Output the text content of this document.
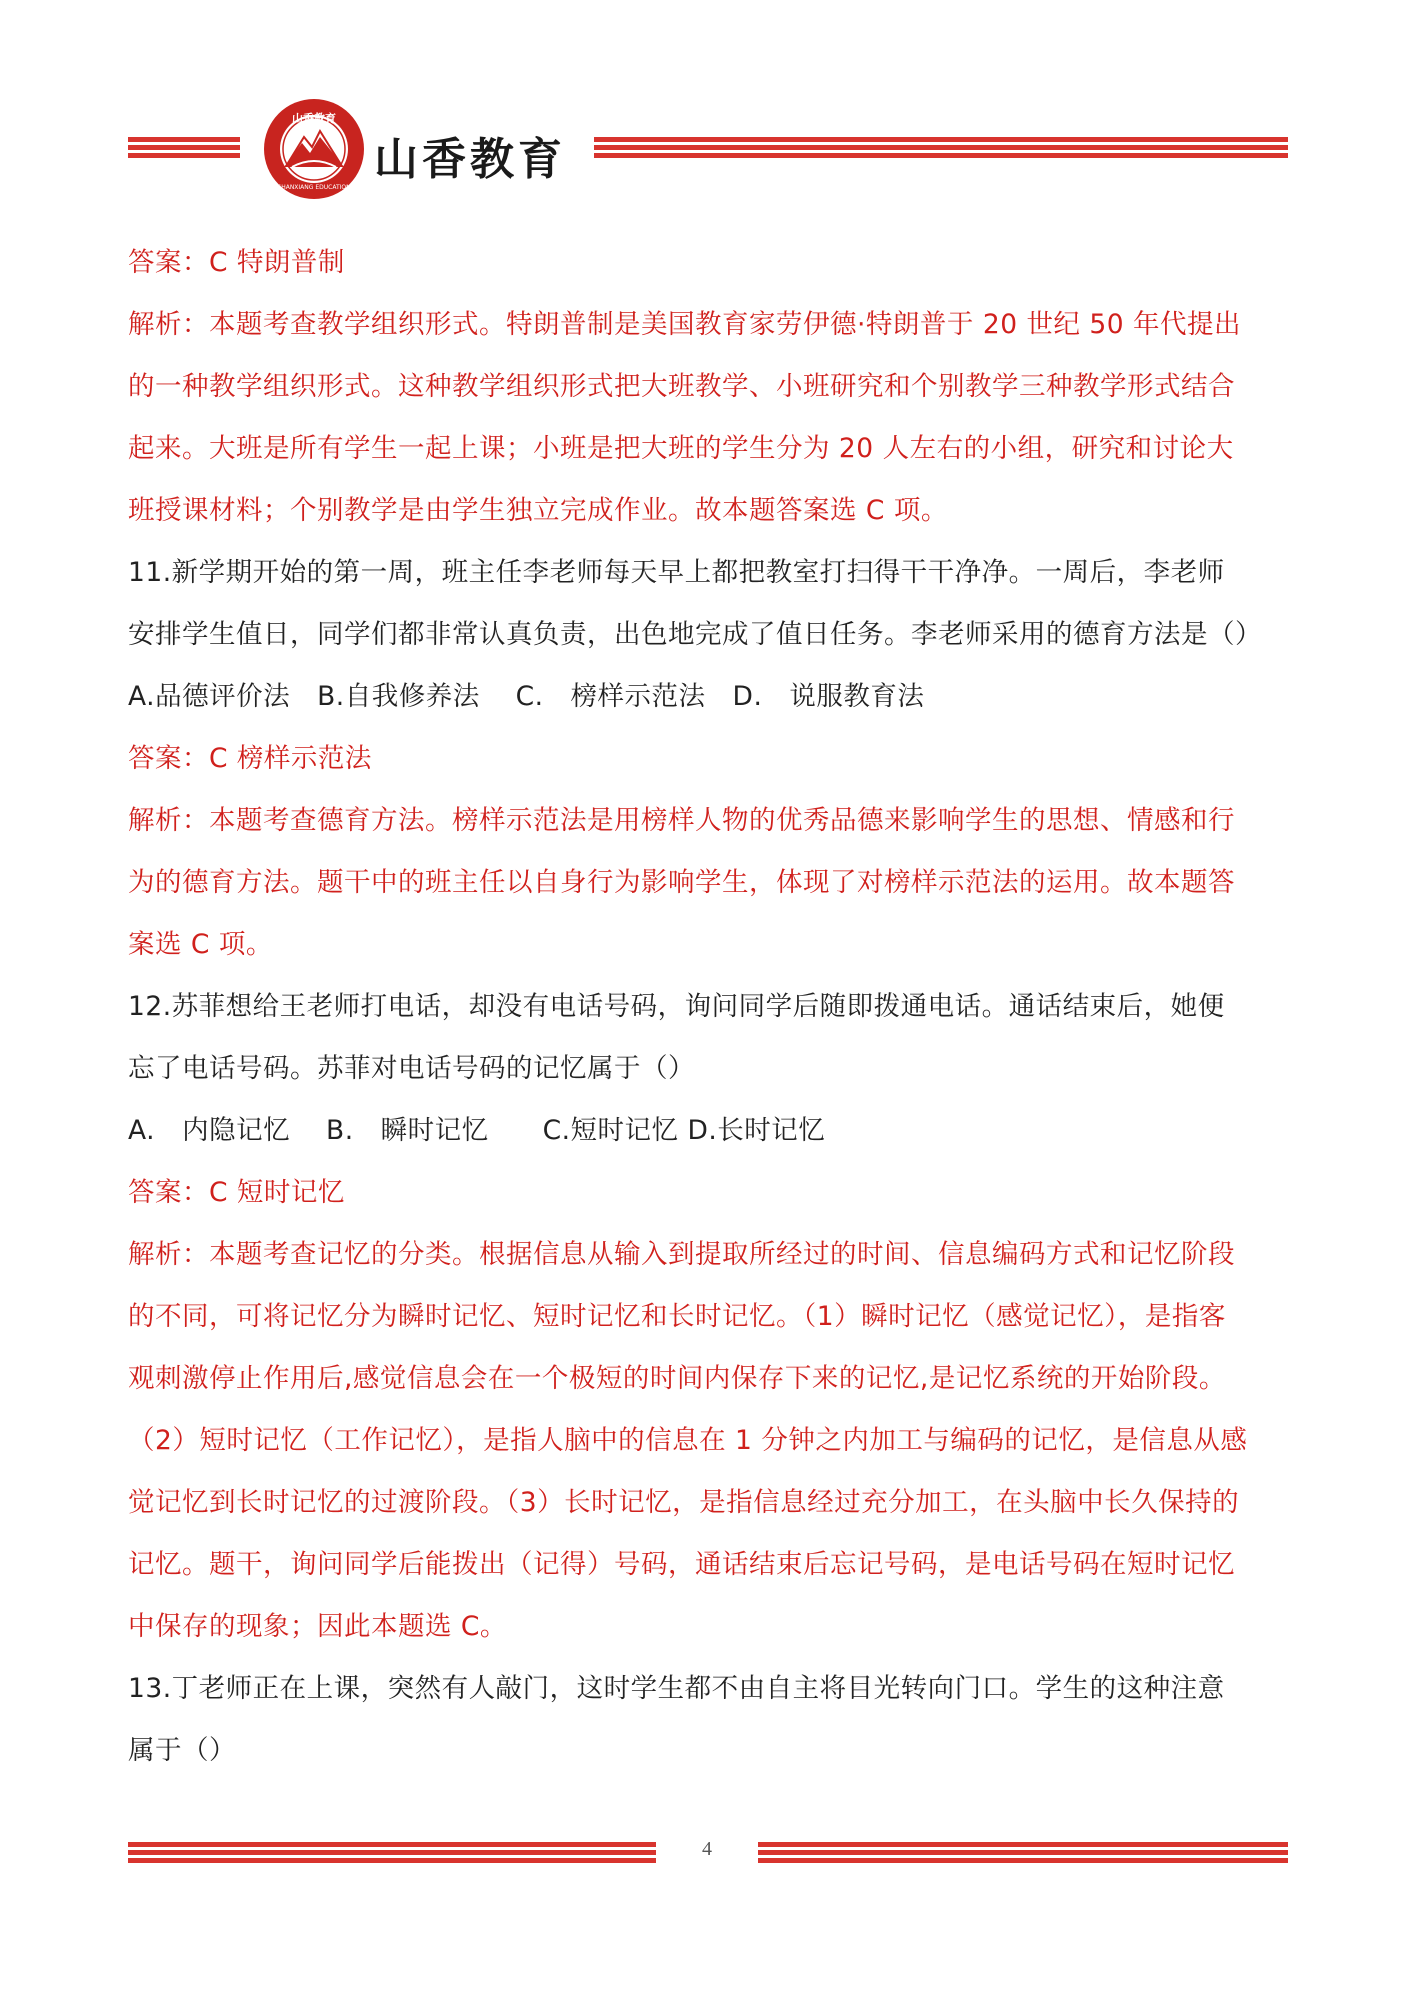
山香教育
SHANXIANG EDUCATION
山香教育
答案：C 特朗普制
解析：本题考查教学组织形式。特朗普制是美国教育家劳伊德·特朗普于 20 世纪 50 年代提出
的一种教学组织形式。这种教学组织形式把大班教学、小班研究和个别教学三种教学形式结合
起来。大班是所有学生一起上课；小班是把大班的学生分为 20 人左右的小组，研究和讨论大
班授课材料；个别教学是由学生独立完成作业。故本题答案选 C 项。
11.新学期开始的第一周，班主任李老师每天早上都把教室打扫得干干净净。一周后，李老师
安排学生值日，同学们都非常认真负责，出色地完成了值日任务。李老师采用的德育方法是（）
A.品德评价法　B.自我修养法　 C.　榜样示范法　D.　说服教育法
答案：C 榜样示范法
解析：本题考查德育方法。榜样示范法是用榜样人物的优秀品德来影响学生的思想、情感和行
为的德育方法。题干中的班主任以自身行为影响学生，体现了对榜样示范法的运用。故本题答
案选 C 项。
12.苏菲想给王老师打电话，却没有电话号码，询问同学后随即拨通电话。通话结束后，她便
忘了电话号码。苏菲对电话号码的记忆属于（）
A.　内隐记忆　 B.　瞬时记忆　　C.短时记忆 D.长时记忆
答案：C 短时记忆
解析：本题考查记忆的分类。根据信息从输入到提取所经过的时间、信息编码方式和记忆阶段
的不同，可将记忆分为瞬时记忆、短时记忆和长时记忆。（1）瞬时记忆（感觉记忆），是指客
观刺激停止作用后,感觉信息会在一个极短的时间内保存下来的记忆,是记忆系统的开始阶段。
（2）短时记忆（工作记忆），是指人脑中的信息在 1 分钟之内加工与编码的记忆，是信息从感
觉记忆到长时记忆的过渡阶段。（3）长时记忆，是指信息经过充分加工，在头脑中长久保持的
记忆。题干，询问同学后能拨出（记得）号码，通话结束后忘记号码，是电话号码在短时记忆
中保存的现象；因此本题选 C。
13.丁老师正在上课，突然有人敲门，这时学生都不由自主将目光转向门口。学生的这种注意
属于（）
4
